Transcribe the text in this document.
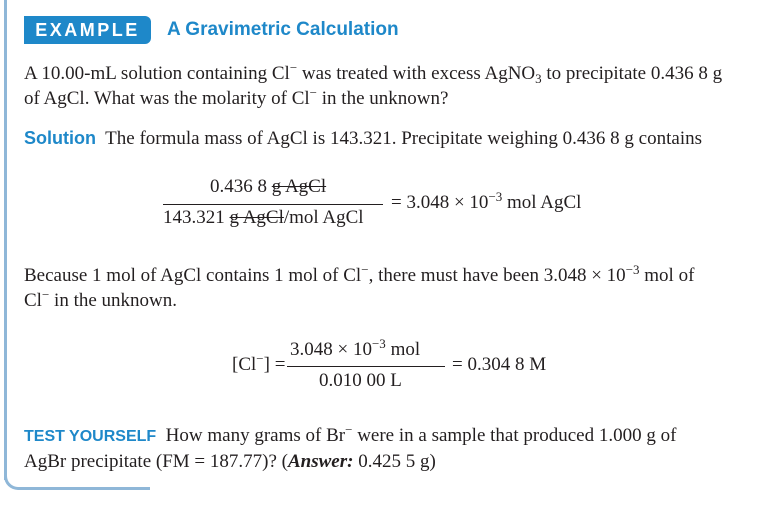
EXAMPLE	A Gravimetric Calculation
A 10.00-mL solution containing Cl− was treated with excess AgNO$_3$ to precipitate 0.436 8 g
of AgCl. What was the molarity of Cl− in the unknown?
Solution The formula mass of AgCl is 143.321. Precipitate weighing 0.436 8 g contains
0.436 8 g AgCl
143.321 g AgCl/mol AgCl
= $3.048 \times 10^{-3}$ mol AgCl
Because 1 mol of AgCl contains 1 mol of Cl−, there must have been $3.048 \times 10^{-3}$ mol of
Cl− in the unknown.
[Cl−] =
$3.048 \times 10^{-3}$ mol
0.010 00 L
= 0.304 8 M
TEST YOURSELF How many grams of Br− were in a sample that produced 1.000 g of
AgBr precipitate (FM = 187.77)? (Answer: 0.425 5 g)
